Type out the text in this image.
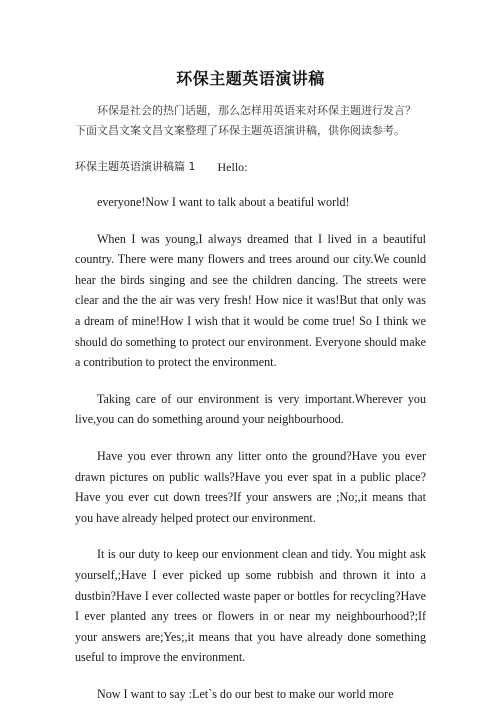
环保主题英语演讲稿

环保是社会的热门话题，那么怎样用英语来对环保主题进行发言？下面文昌文案文昌文案整理了环保主题英语演讲稿，供你阅读参考。

环保主题英语演讲稿篇 1 Hello:

everyone!Now I want to talk about a beatiful world!

When I was young,I always dreamed that I lived in a beautiful country. There were many flowers and trees around our city.We counld hear the birds singing and see the children dancing. The streets were clear and the the air was very fresh! How nice it was!But that only was a dream of mine!How I wish that it would be come true! So I think we should do something to protect our environment. Everyone should make a contribution to protect the environment.

Taking care of our environment is very important.Wherever you live,you can do something around your neighbourhood.

Have you ever thrown any litter onto the ground?Have you ever drawn pictures on public walls?Have you ever spat in a public place?Have you ever cut down trees?If your answers are ;No;,it means that you have already helped protect our environment.

It is our duty to keep our envionment clean and tidy. You might ask yourself,;Have I ever picked up some rubbish and thrown it into a dustbin?Have I ever collected waste paper or bottles for recycling?Have I ever planted any trees or flowers in or near my neighbourhood?;If your answers are;Yes;,it means that you have already done something useful to improve the environment.

Now I want to say :Let`s do our best to make our world more
